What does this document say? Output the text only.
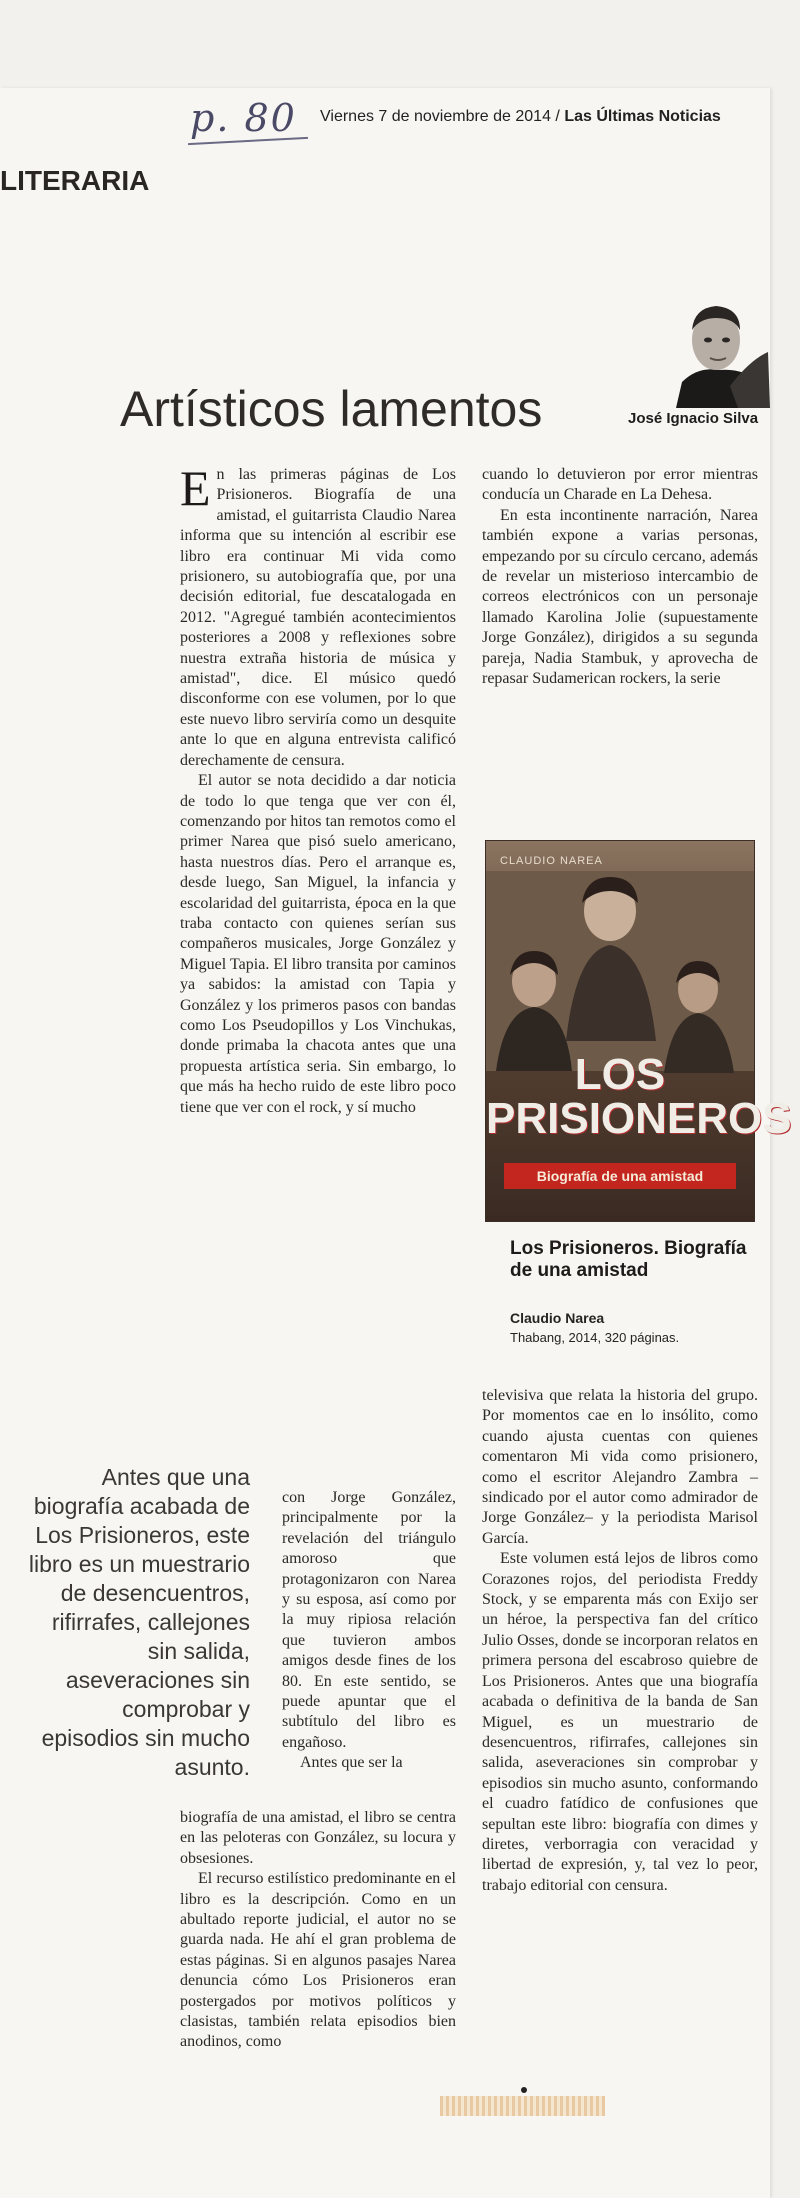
p. 80 Viernes 7 de noviembre de 2014 / Las Últimas Noticias
LITERARIA
Artísticos lamentos	José Ignacio Silva

En las primeras páginas de Los Prisioneros. Biografía de una amistad, el guitarrista Claudio Narea informa que su intención al escribir ese libro era continuar Mi vida como prisionero, su autobiografía que, por una decisión editorial, fue descatalogada en 2012. "Agregué también acontecimientos posteriores a 2008 y reflexiones sobre nuestra extraña historia de música y amistad", dice. El músico quedó disconforme con ese volumen, por lo que este nuevo libro serviría como un desquite ante lo que en alguna entrevista calificó derechamente de censura.

El autor se nota decidido a dar noticia de todo lo que tenga que ver con él, comenzando por hitos tan remotos como el primer Narea que pisó suelo americano, hasta nuestros días. Pero el arranque es, desde luego, San Miguel, la infancia y escolaridad del guitarrista, época en la que traba contacto con quienes serían sus compañeros musicales, Jorge González y Miguel Tapia. El libro transita por caminos ya sabidos: la amistad con Tapia y González y los primeros pasos con bandas como Los Pseudopillos y Los Vinchukas, donde primaba la chacota antes que una propuesta artística seria. Sin embargo, lo que más ha hecho ruido de este libro poco tiene que ver con el rock, y sí mucho

con Jorge González, principalmente por la revelación del triángulo amoroso que protagonizaron con Narea y su esposa, así como por la muy ripiosa relación que tuvieron ambos amigos desde fines de los 80. En este sentido, se puede apuntar que el subtítulo del libro es engañoso.

Antes que ser la

biografía de una amistad, el libro se centra en las peloteras con González, su locura y obsesiones.

El recurso estilístico predominante en el libro es la descripción. Como en un abultado reporte judicial, el autor no se guarda nada. He ahí el gran problema de estas páginas. Si en algunos pasajes Narea denuncia cómo Los Prisioneros eran postergados por motivos políticos y clasistas, también relata episodios bien anodinos, como

Antes que una biografía acabada de Los Prisioneros, este libro es un muestrario de desencuentros, rifirrafes, callejones sin salida, aseveraciones sin comprobar y episodios sin mucho asunto.

cuando lo detuvieron por error mientras conducía un Charade en La Dehesa.

En esta incontinente narración, Narea también expone a varias personas, empezando por su círculo cercano, además de revelar un misterioso intercambio de correos electrónicos con un personaje llamado Karolina Jolie (supuestamente Jorge González), dirigidos a su segunda pareja, Nadia Stambuk, y aprovecha de repasar Sudamerican rockers, la serie

CLAUDIO NAREA
LOS
PRISIONEROS
Biografía de una amistad
Los Prisioneros. Biografía de una amistad
Claudio Narea
Thabang, 2014, 320 páginas.

televisiva que relata la historia del grupo. Por momentos cae en lo insólito, como cuando ajusta cuentas con quienes comentaron Mi vida como prisionero, como el escritor Alejandro Zambra –sindicado por el autor como admirador de Jorge González– y la periodista Marisol García.

Este volumen está lejos de libros como Corazones rojos, del periodista Freddy Stock, y se emparenta más con Exijo ser un héroe, la perspectiva fan del crítico Julio Osses, donde se incorporan relatos en primera persona del escabroso quiebre de Los Prisioneros. Antes que una biografía acabada o definitiva de la banda de San Miguel, es un muestrario de desencuentros, rifirrafes, callejones sin salida, aseveraciones sin comprobar y episodios sin mucho asunto, conformando el cuadro fatídico de confusiones que sepultan este libro: biografía con dimes y diretes, verborragia con veracidad y libertad de expresión, y, tal vez lo peor, trabajo editorial con censura.
